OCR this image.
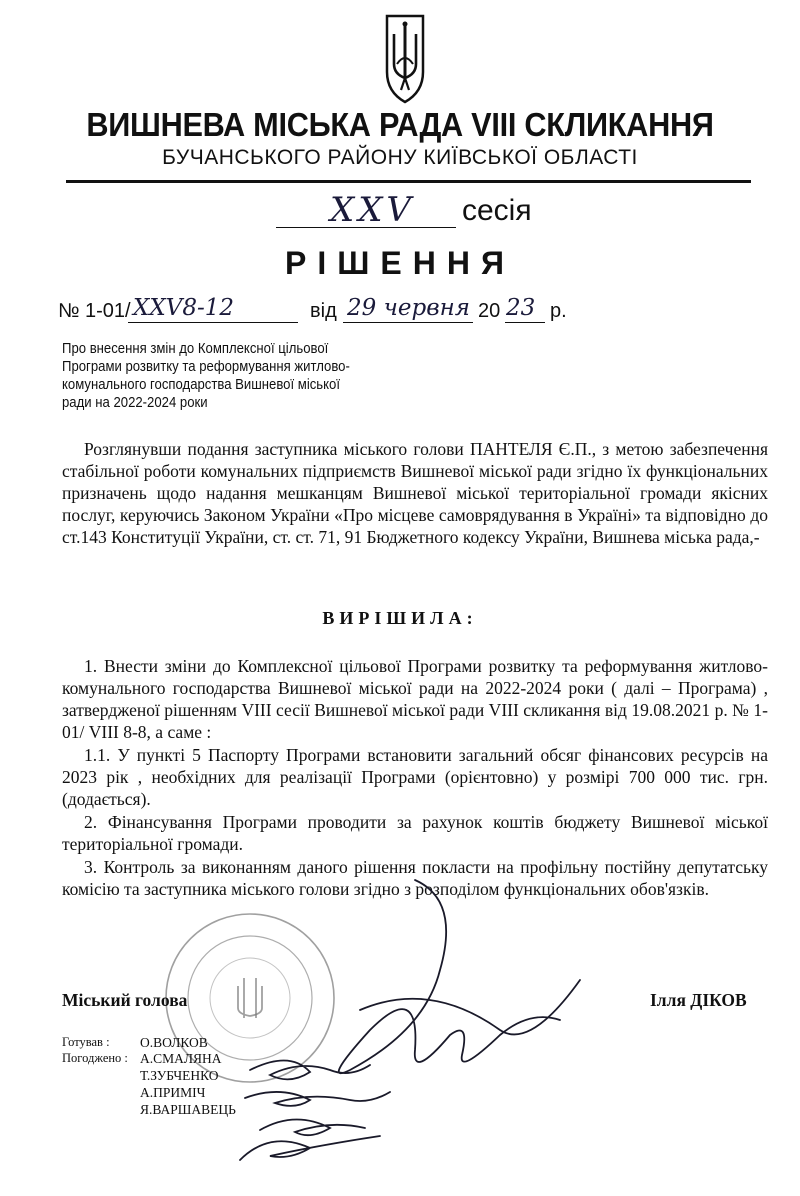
ВИШНЕВА МІСЬКА РАДА VIII СКЛИКАННЯ
БУЧАНСЬКОГО РАЙОНУ КИЇВСЬКОЇ ОБЛАСТІ
XXV сесія
РІШЕННЯ
№ 1-01/ XXV8-12	від 29 червня 20 23 р.
Про внесення змін до Комплексної цільової
Програми розвитку та реформування житлово-
комунального господарства Вишневої міської
ради на 2022-2024 роки
Розглянувши подання заступника міського голови ПАНТЕЛЯ Є.П., з метою забезпечення стабільної роботи комунальних підприємств Вишневої міської ради згідно їх функціональних призначень щодо надання мешканцям Вишневої міської територіальної громади якісних послуг, керуючись Законом України «Про місцеве самоврядування в Україні» та відповідно до ст.143 Конституції України, ст. ст. 71, 91 Бюджетного кодексу України, Вишнева міська рада,-
ВИРІШИЛА:
1. Внести зміни до Комплексної цільової Програми розвитку та реформування житлово- комунального господарства Вишневої міської ради на 2022-2024 роки ( далі – Програма) , затвердженої рішенням VIII сесії Вишневої міської ради VIII скликання від 19.08.2021 р. № 1-01/ VIII 8-8, а саме :
1.1. У пункті 5 Паспорту Програми встановити загальний обсяг фінансових ресурсів на 2023 рік , необхідних для реалізації Програми (орієнтовно) у розмірі 700 000 тис. грн. (додається).
2. Фінансування Програми проводити за рахунок коштів бюджету Вишневої міської територіальної громади.
3. Контроль за виконанням даного рішення покласти на профільну постійну депутатську комісію та заступника міського голови згідно з розподілом функціональних обов'язків.
Міський голова	Ілля ДІКОВ
Готував : О.ВОЛКОВ
Погоджено : А.СМАЛЯНА
Т.ЗУБЧЕНКО
А.ПРИМІЧ
Я.ВАРШАВЕЦЬ
